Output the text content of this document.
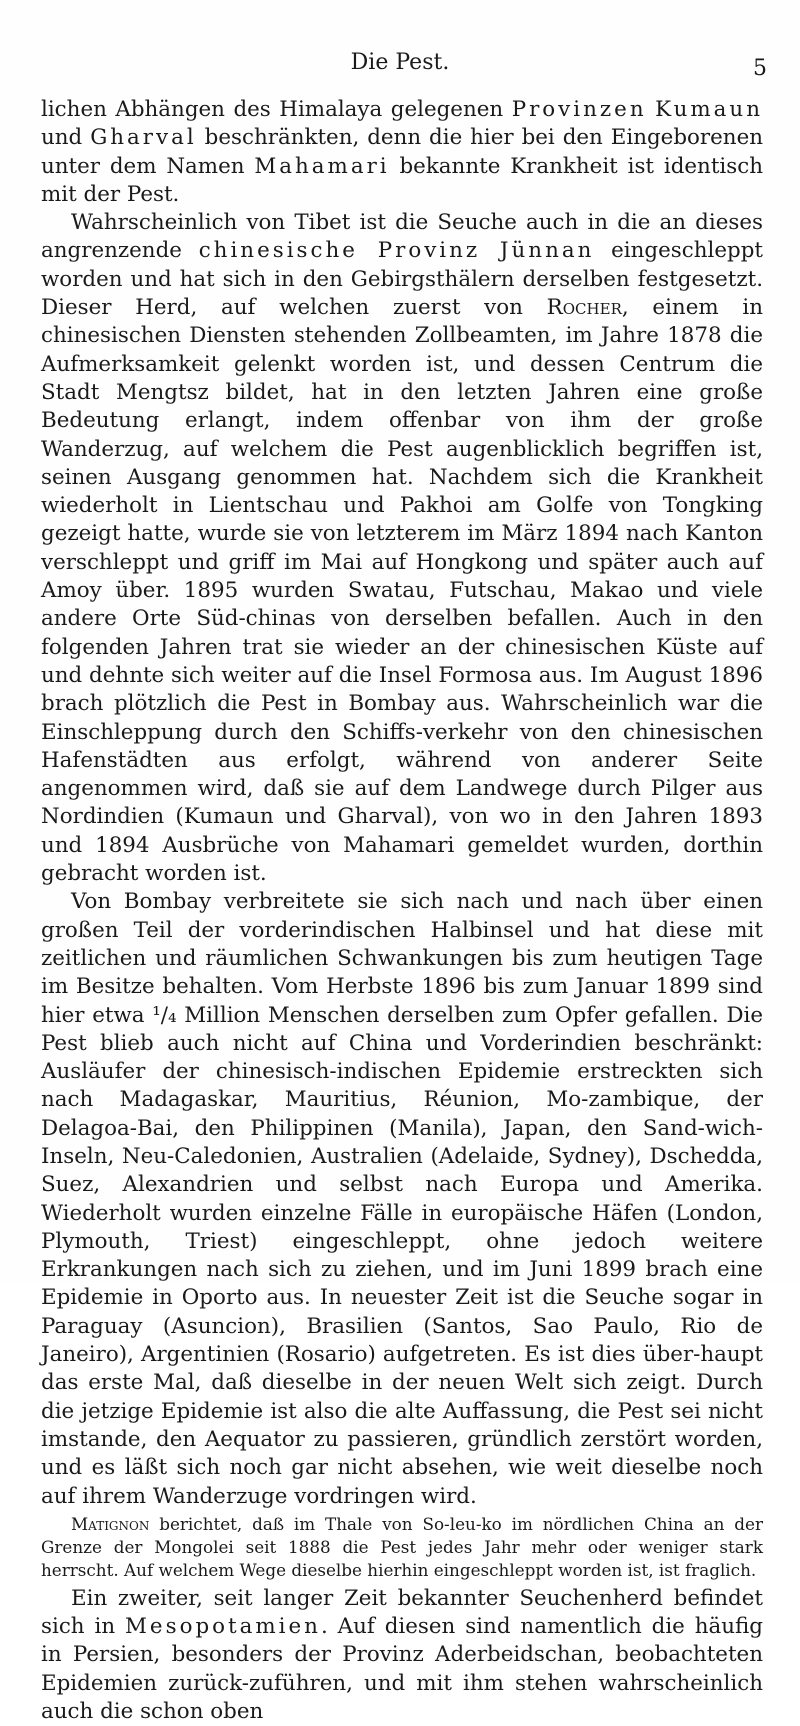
Die Pest.	5

lichen Abhängen des Himalaya gelegenen Provinzen Kumaun und Gharval beschränkten, denn die hier bei den Eingeborenen unter dem Namen Mahamari bekannte Krankheit ist identisch mit der Pest.

Wahrscheinlich von Tibet ist die Seuche auch in die an dieses angrenzende chinesische Provinz Jünnan eingeschleppt worden und hat sich in den Gebirgsthälern derselben festgesetzt. Dieser Herd, auf welchen zuerst von Rocher, einem in chinesischen Diensten stehenden Zollbeamten, im Jahre 1878 die Aufmerksamkeit gelenkt worden ist, und dessen Centrum die Stadt Mengtsz bildet, hat in den letzten Jahren eine große Bedeutung erlangt, indem offenbar von ihm der große Wanderzug, auf welchem die Pest augenblicklich begriffen ist, seinen Ausgang genommen hat. Nachdem sich die Krankheit wiederholt in Lientschau und Pakhoi am Golfe von Tongking gezeigt hatte, wurde sie von letzterem im März 1894 nach Kanton verschleppt und griff im Mai auf Hongkong und später auch auf Amoy über. 1895 wurden Swatau, Futschau, Makao und viele andere Orte Süd-chinas von derselben befallen. Auch in den folgenden Jahren trat sie wieder an der chinesischen Küste auf und dehnte sich weiter auf die Insel Formosa aus. Im August 1896 brach plötzlich die Pest in Bombay aus. Wahrscheinlich war die Einschleppung durch den Schiffs-verkehr von den chinesischen Hafenstädten aus erfolgt, während von anderer Seite angenommen wird, daß sie auf dem Landwege durch Pilger aus Nordindien (Kumaun und Gharval), von wo in den Jahren 1893 und 1894 Ausbrüche von Mahamari gemeldet wurden, dorthin gebracht worden ist.

Von Bombay verbreitete sie sich nach und nach über einen großen Teil der vorderindischen Halbinsel und hat diese mit zeitlichen und räumlichen Schwankungen bis zum heutigen Tage im Besitze behalten. Vom Herbste 1896 bis zum Januar 1899 sind hier etwa ¹/₄ Million Menschen derselben zum Opfer gefallen. Die Pest blieb auch nicht auf China und Vorderindien beschränkt: Ausläufer der chinesisch-indischen Epidemie erstreckten sich nach Madagaskar, Mauritius, Réunion, Mo-zambique, der Delagoa-Bai, den Philippinen (Manila), Japan, den Sand-wich-Inseln, Neu-Caledonien, Australien (Adelaide, Sydney), Dschedda, Suez, Alexandrien und selbst nach Europa und Amerika. Wiederholt wurden einzelne Fälle in europäische Häfen (London, Plymouth, Triest) eingeschleppt, ohne jedoch weitere Erkrankungen nach sich zu ziehen, und im Juni 1899 brach eine Epidemie in Oporto aus. In neuester Zeit ist die Seuche sogar in Paraguay (Asuncion), Brasilien (Santos, Sao Paulo, Rio de Janeiro), Argentinien (Rosario) aufgetreten. Es ist dies über-haupt das erste Mal, daß dieselbe in der neuen Welt sich zeigt. Durch die jetzige Epidemie ist also die alte Auffassung, die Pest sei nicht imstande, den Aequator zu passieren, gründlich zerstört worden, und es läßt sich noch gar nicht absehen, wie weit dieselbe noch auf ihrem Wanderzuge vordringen wird.

Matignon berichtet, daß im Thale von So-leu-ko im nördlichen China an der Grenze der Mongolei seit 1888 die Pest jedes Jahr mehr oder weniger stark herrscht. Auf welchem Wege dieselbe hierhin eingeschleppt worden ist, ist fraglich.

Ein zweiter, seit langer Zeit bekannter Seuchenherd befindet sich in Mesopotamien. Auf diesen sind namentlich die häufig in Persien, besonders der Provinz Aderbeidschan, beobachteten Epidemien zurück-zuführen, und mit ihm stehen wahrscheinlich auch die schon oben
